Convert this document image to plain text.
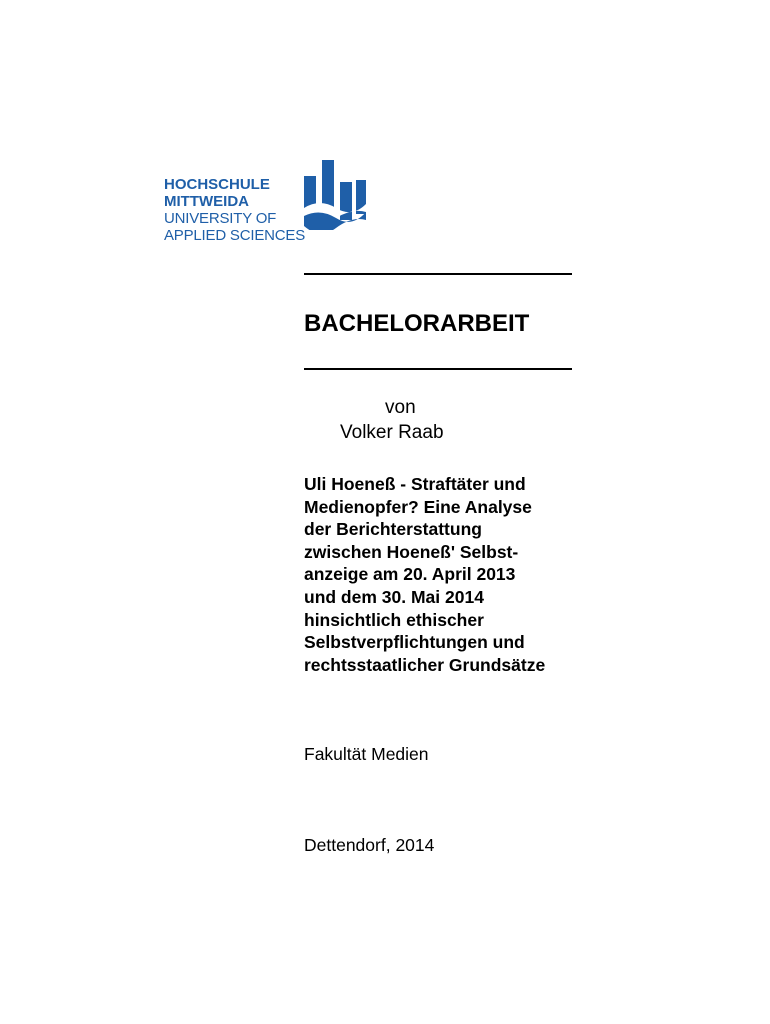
HOCHSCHULE
MITTWEIDA
UNIVERSITY OF
APPLIED SCIENCES
BACHELORARBEIT
von
Volker Raab

Uli Hoeneß - Straftäter und
Medienopfer? Eine Analyse
der Berichterstattung
zwischen Hoeneß' Selbst-
anzeige am 20. April 2013
und dem 30. Mai 2014
hinsichtlich ethischer
Selbstverpflichtungen und
rechtsstaatlicher Grundsätze

Fakultät Medien
Dettendorf, 2014
